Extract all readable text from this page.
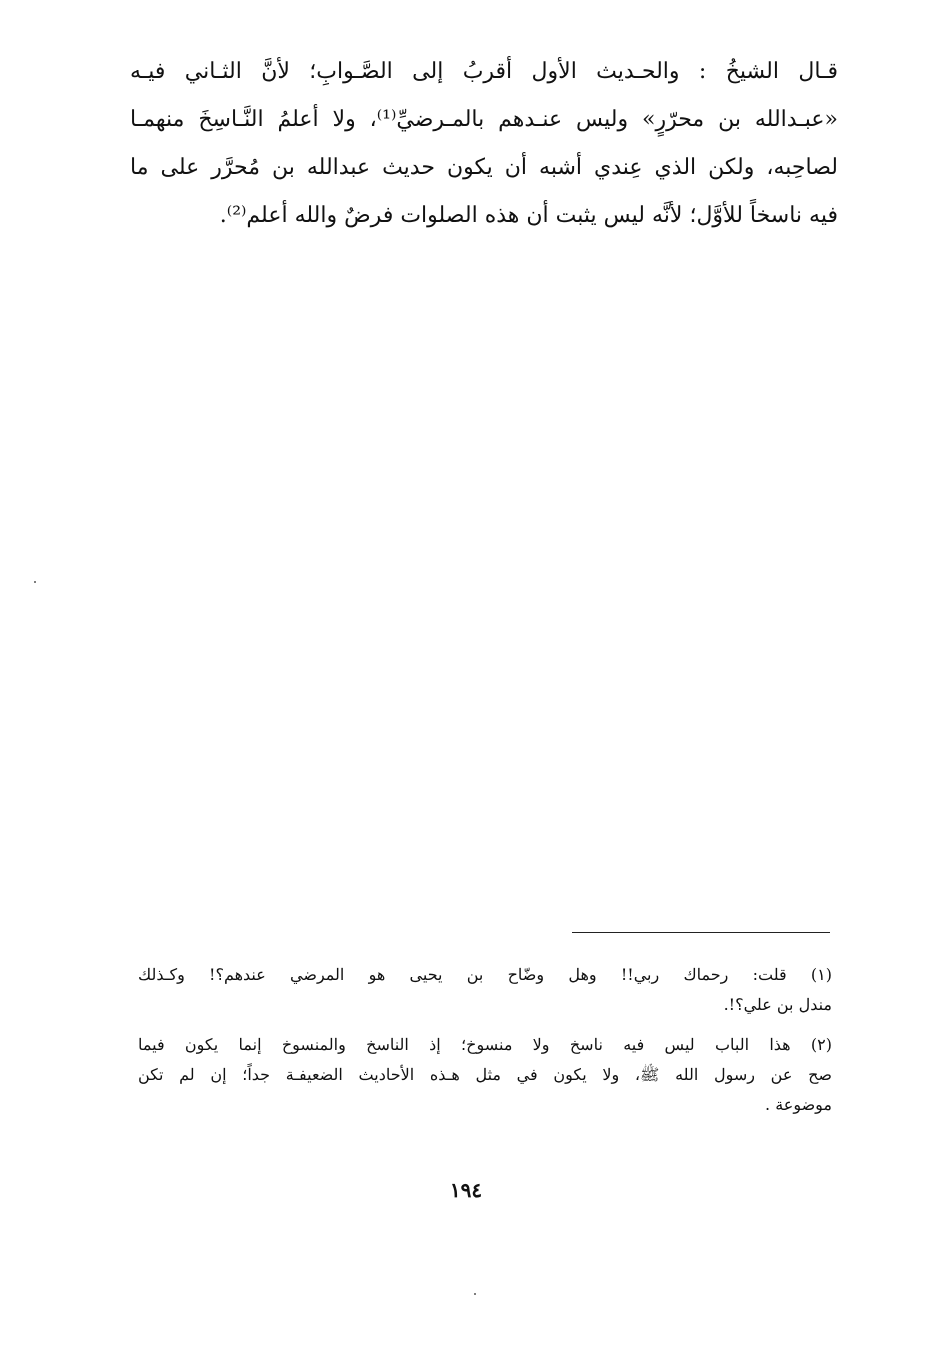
قـال الشيخُ : والحـديث الأول أقربُ إلى الصَّـوابِ؛ لأنَّ الثـاني فيـه
«عبـدالله بن محرّرٍ» وليس عنـدهم بالمـرضيِّ⁽¹⁾، ولا أعلمُ النَّـاسِخَ منهمـا
لصاحِبه، ولكن الذي عِندي أشبه أن يكون حديث عبدالله بن مُحرَّر على ما
فيه ناسخاً للأوَّل؛ لأنَّه ليس يثبت أن هذه الصلوات فرضٌ والله أعلم⁽²⁾.
(١) قلت: رحماك ربي!! وهل وضّاح بن يحيى هو المرضي عندهم؟! وكـذلك
مندل بن علي؟!.
(٢) هذا الباب ليس فيه ناسخ ولا منسوخ؛ إذ الناسخ والمنسوخ إنما يكون فيما
صح عن رسول الله ﷺ، ولا يكون في مثل هـذه الأحاديث الضعيفـة جداً؛ إن لم تكن
موضوعة .
١٩٤
